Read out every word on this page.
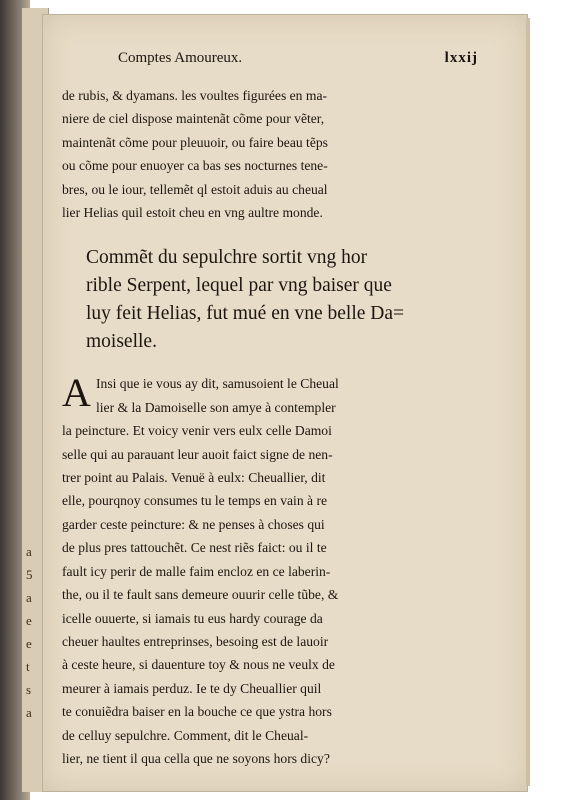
a
5
a
e
e
t
s
a
Comptes Amoureux.	lxxij

de rubis, & dyamans. les voultes figurées en ma-
niere de ciel dispose maintenãt cõme pour vẽter,
maintenãt cõme pour pleuuoir, ou faire beau tẽps
ou cõme pour enuoyer ca bas ses nocturnes tene-
bres, ou le iour, tellemẽt ql estoit aduis au cheual
lier Helias quil estoit cheu en vng aultre monde.

Commẽt du sepulchre sortit vng hor
rible Serpent, lequel par vng baiser que
luy feit Helias, fut mué en vne belle Da=
moiselle.
A Insi que ie vous ay dit, samusoient le Cheual
lier & la Damoiselle son amye à contempler
la peincture. Et voicy venir vers eulx celle Damoi
selle qui au parauant leur auoit faict signe de nen-
trer point au Palais. Venuë à eulx: Cheuallier, dit
elle, pourqnoy consumes tu le temps en vain à re
garder ceste peincture: & ne penses à choses qui
de plus pres tattouchẽt. Ce nest riẽs faict: ou il te
fault icy perir de malle faim encloz en ce laberin-
the, ou il te fault sans demeure ouurir celle tũbe, &
icelle ouuerte, si iamais tu eus hardy courage da
cheuer haultes entreprinses, besoing est de lauoir
à ceste heure, si dauenture toy & nous ne veulx de
meurer à iamais perduz. Ie te dy Cheuallier quil
te conuiẽdra baiser en la bouche ce que ystra hors
de celluy sepulchre. Comment, dit le Cheual-
lier, ne tient il qua cella que ne soyons hors dicy?
